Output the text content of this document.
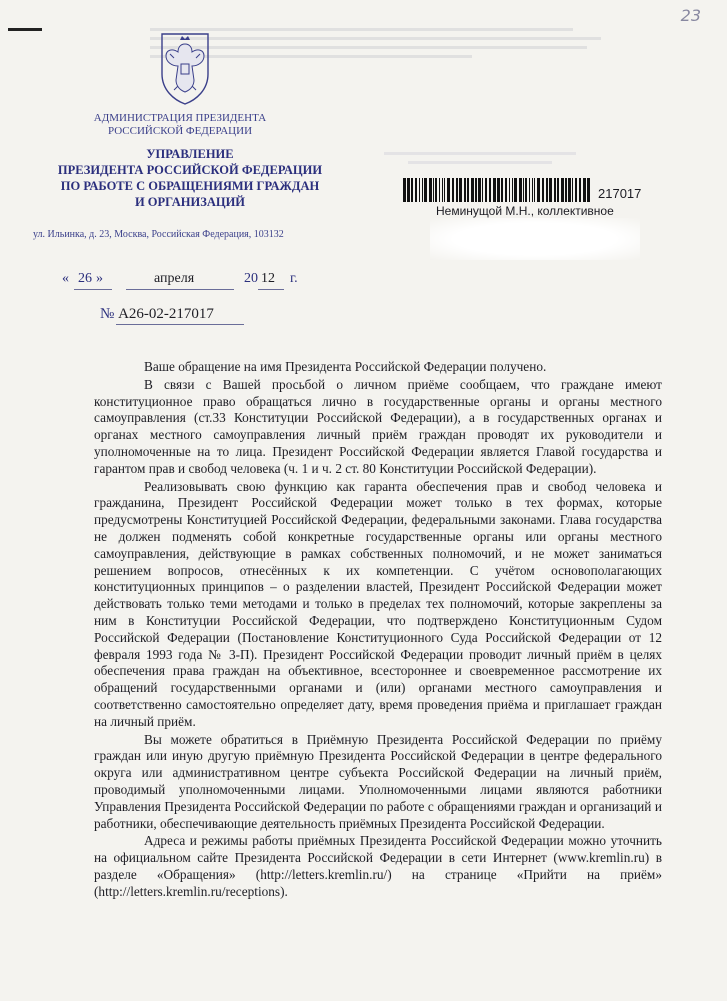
23
АДМИНИСТРАЦИЯ ПРЕЗИДЕНТА
РОССИЙСКОЙ ФЕДЕРАЦИИ
УПРАВЛЕНИЕ
ПРЕЗИДЕНТА РОССИЙСКОЙ ФЕДЕРАЦИИ
ПО РАБОТЕ С ОБРАЩЕНИЯМИ ГРАЖДАН
И ОРГАНИЗАЦИЙ
ул. Ильинка, д. 23, Москва, Российская Федерация, 103132
217017
Неминущой М.Н., коллективное
« 26 »	апреля	20 12 г.
№ А26-02-217017

Ваше обращение на имя Президента Российской Федерации получено.

В связи с Вашей просьбой о личном приёме сообщаем, что граждане имеют конституционное право обращаться лично в государственные органы и органы местного самоуправления (ст.33 Конституции Российской Федерации), а в государственных органах и органах местного самоуправления личный приём граждан проводят их руководители и уполномоченные на то лица. Президент Российской Федерации является Главой государства и гарантом прав и свобод человека (ч. 1 и ч. 2 ст. 80 Конституции Российской Федерации).

Реализовывать свою функцию как гаранта обеспечения прав и свобод человека и гражданина, Президент Российской Федерации может только в тех формах, которые предусмотрены Конституцией Российской Федерации, федеральными законами. Глава государства не должен подменять собой конкретные государственные органы или органы местного самоуправления, действующие в рамках собственных полномочий, и не может заниматься решением вопросов, отнесённых к их компетенции. С учётом основополагающих конституционных принципов – о разделении властей, Президент Российской Федерации может действовать только теми методами и только в пределах тех полномочий, которые закреплены за ним в Конституции Российской Федерации, что подтверждено Конституционным Судом Российской Федерации (Постановление Конституционного Суда Российской Федерации от 12 февраля 1993 года № 3-П). Президент Российской Федерации проводит личный приём в целях обеспечения права граждан на объективное, всестороннее и своевременное рассмотрение их обращений государственными органами и (или) органами местного самоуправления и соответственно самостоятельно определяет дату, время проведения приёма и приглашает граждан на личный приём.

Вы можете обратиться в Приёмную Президента Российской Федерации по приёму граждан или иную другую приёмную Президента Российской Федерации в центре федерального округа или административном центре субъекта Российской Федерации на личный приём, проводимый уполномоченными лицами. Уполномоченными лицами являются работники Управления Президента Российской Федерации по работе с обращениями граждан и организаций и работники, обеспечивающие деятельность приёмных Президента Российской Федерации.

Адреса и режимы работы приёмных Президента Российской Федерации можно уточнить на официальном сайте Президента Российской Федерации в сети Интернет (www.kremlin.ru) в разделе «Обращения» (http://letters.kremlin.ru/) на странице «Прийти на приём» (http://letters.kremlin.ru/receptions).
